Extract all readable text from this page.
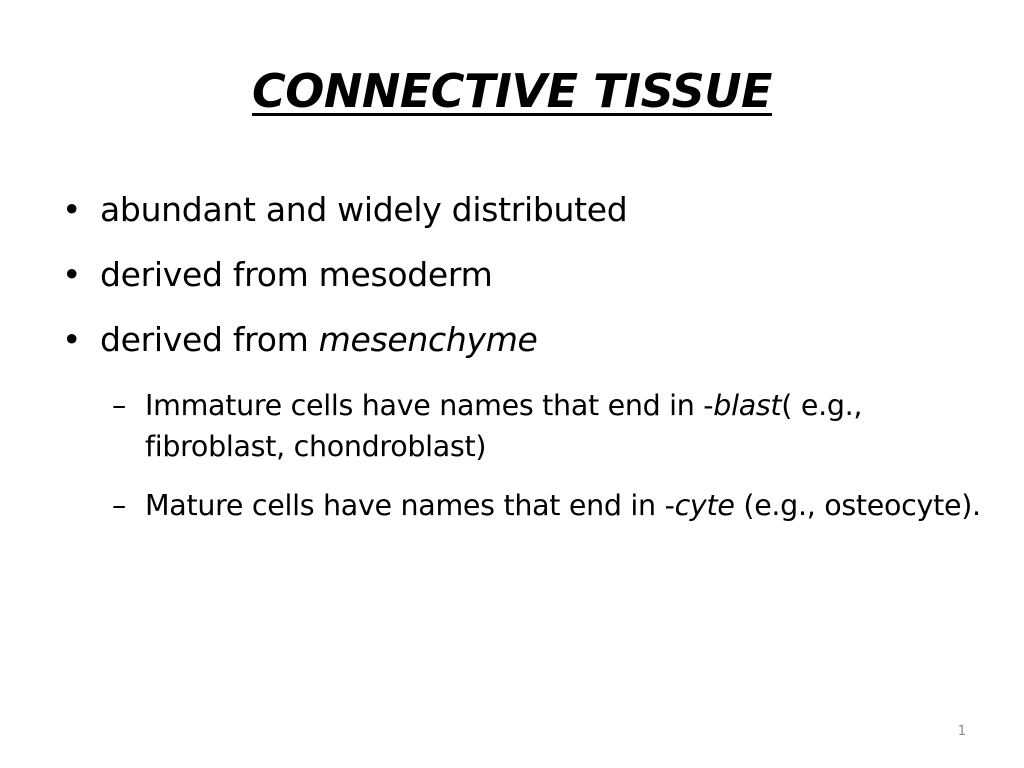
CONNECTIVE TISSUE
• abundant and widely distributed
• derived from mesoderm
• derived from mesenchyme
– Immature cells have names that end in -blast( e.g., fibroblast, chondroblast)
– Mature cells have names that end in -cyte (e.g., osteocyte).
1
